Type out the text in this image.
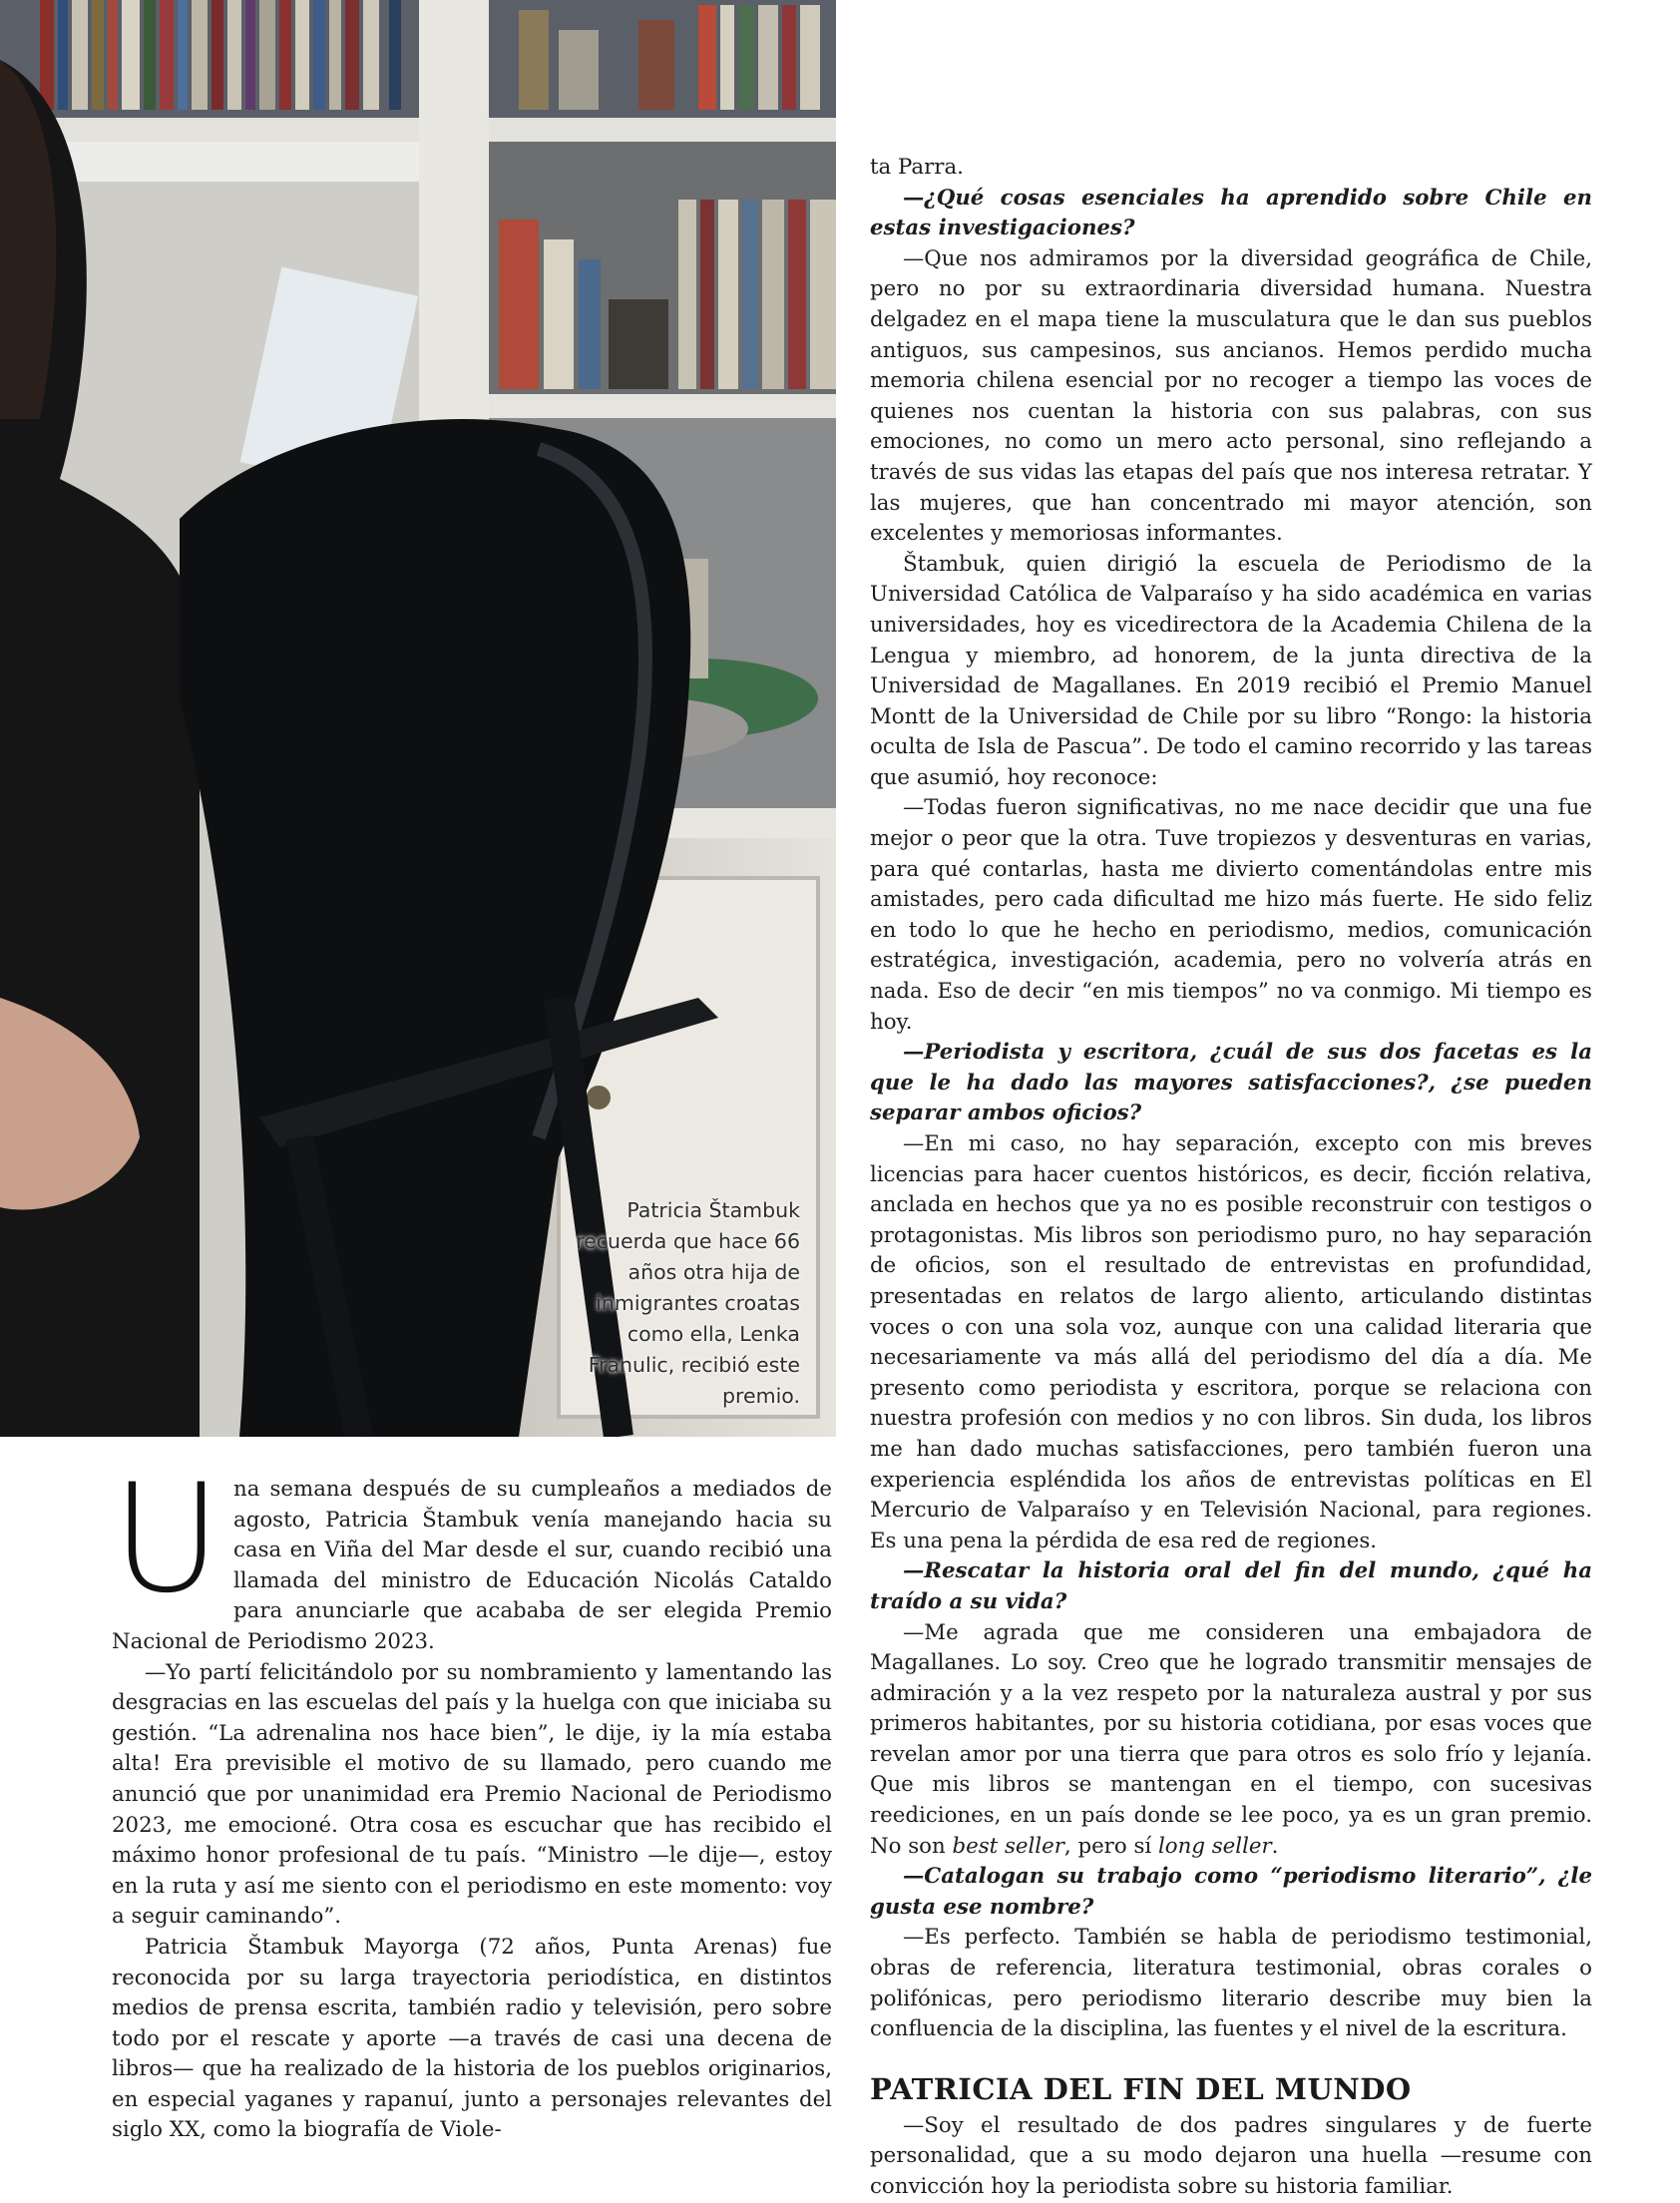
Patricia Štambuk recuerda que hace 66 años otra hija de inmigrantes croatas como ella, Lenka Franulic, recibió este premio.

Una semana después de su cumpleaños a mediados de agosto, Patricia Štambuk venía manejando hacia su casa en Viña del Mar desde el sur, cuando recibió una llamada del ministro de Educación Nicolás Cataldo para anunciarle que acababa de ser elegida Premio Nacional de Periodismo 2023.

—Yo partí felicitándolo por su nombramiento y lamentando las desgracias en las escuelas del país y la huelga con que iniciaba su gestión. “La adrenalina nos hace bien”, le dije, iy la mía estaba alta! Era previsible el motivo de su llamado, pero cuando me anunció que por unanimidad era Premio Nacional de Periodismo 2023, me emocioné. Otra cosa es escuchar que has recibido el máximo honor profesional de tu país. “Ministro —le dije—, estoy en la ruta y así me siento con el periodismo en este momento: voy a seguir caminando”.

Patricia Štambuk Mayorga (72 años, Punta Arenas) fue reconocida por su larga trayectoria periodística, en distintos medios de prensa escrita, también radio y televisión, pero sobre todo por el rescate y aporte —a través de casi una decena de libros— que ha realizado de la historia de los pueblos originarios, en especial yaganes y rapanuí, junto a personajes relevantes del siglo XX, como la biografía de Viole-

ta Parra.

—¿Qué cosas esenciales ha aprendido sobre Chile en estas investigaciones?

—Que nos admiramos por la diversidad geográfica de Chile, pero no por su extraordinaria diversidad humana. Nuestra delgadez en el mapa tiene la musculatura que le dan sus pueblos antiguos, sus campesinos, sus ancianos. Hemos perdido mucha memoria chilena esencial por no recoger a tiempo las voces de quienes nos cuentan la historia con sus palabras, con sus emociones, no como un mero acto personal, sino reflejando a través de sus vidas las etapas del país que nos interesa retratar. Y las mujeres, que han concentrado mi mayor atención, son excelentes y memoriosas informantes.

Štambuk, quien dirigió la escuela de Periodismo de la Universidad Católica de Valparaíso y ha sido académica en varias universidades, hoy es vicedirectora de la Academia Chilena de la Lengua y miembro, ad honorem, de la junta directiva de la Universidad de Magallanes. En 2019 recibió el Premio Manuel Montt de la Universidad de Chile por su libro “Rongo: la historia oculta de Isla de Pascua”. De todo el camino recorrido y las tareas que asumió, hoy reconoce:

—Todas fueron significativas, no me nace decidir que una fue mejor o peor que la otra. Tuve tropiezos y desventuras en varias, para qué contarlas, hasta me divierto comentándolas entre mis amistades, pero cada dificultad me hizo más fuerte. He sido feliz en todo lo que he hecho en periodismo, medios, comunicación estratégica, investigación, academia, pero no volvería atrás en nada. Eso de decir “en mis tiempos” no va conmigo. Mi tiempo es hoy.

—Periodista y escritora, ¿cuál de sus dos facetas es la que le ha dado las mayores satisfacciones?, ¿se pueden separar ambos oficios?

—En mi caso, no hay separación, excepto con mis breves licencias para hacer cuentos históricos, es decir, ficción relativa, anclada en hechos que ya no es posible reconstruir con testigos o protagonistas. Mis libros son periodismo puro, no hay separación de oficios, son el resultado de entrevistas en profundidad, presentadas en relatos de largo aliento, articulando distintas voces o con una sola voz, aunque con una calidad literaria que necesariamente va más allá del periodismo del día a día. Me presento como periodista y escritora, porque se relaciona con nuestra profesión con medios y no con libros. Sin duda, los libros me han dado muchas satisfacciones, pero también fueron una experiencia espléndida los años de entrevistas políticas en El Mercurio de Valparaíso y en Televisión Nacional, para regiones. Es una pena la pérdida de esa red de regiones.

—Rescatar la historia oral del fin del mundo, ¿qué ha traído a su vida?

—Me agrada que me consideren una embajadora de Magallanes. Lo soy. Creo que he logrado transmitir mensajes de admiración y a la vez respeto por la naturaleza austral y por sus primeros habitantes, por su historia cotidiana, por esas voces que revelan amor por una tierra que para otros es solo frío y lejanía. Que mis libros se mantengan en el tiempo, con sucesivas reediciones, en un país donde se lee poco, ya es un gran premio. No son best seller, pero sí long seller.

—Catalogan su trabajo como “periodismo literario”, ¿le gusta ese nombre?

—Es perfecto. También se habla de periodismo testimonial, obras de referencia, literatura testimonial, obras corales o polifónicas, pero periodismo literario describe muy bien la confluencia de la disciplina, las fuentes y el nivel de la escritura.

PATRICIA DEL FIN DEL MUNDO

—Soy el resultado de dos padres singulares y de fuerte personalidad, que a su modo dejaron una huella —resume con convicción hoy la periodista sobre su historia familiar.
